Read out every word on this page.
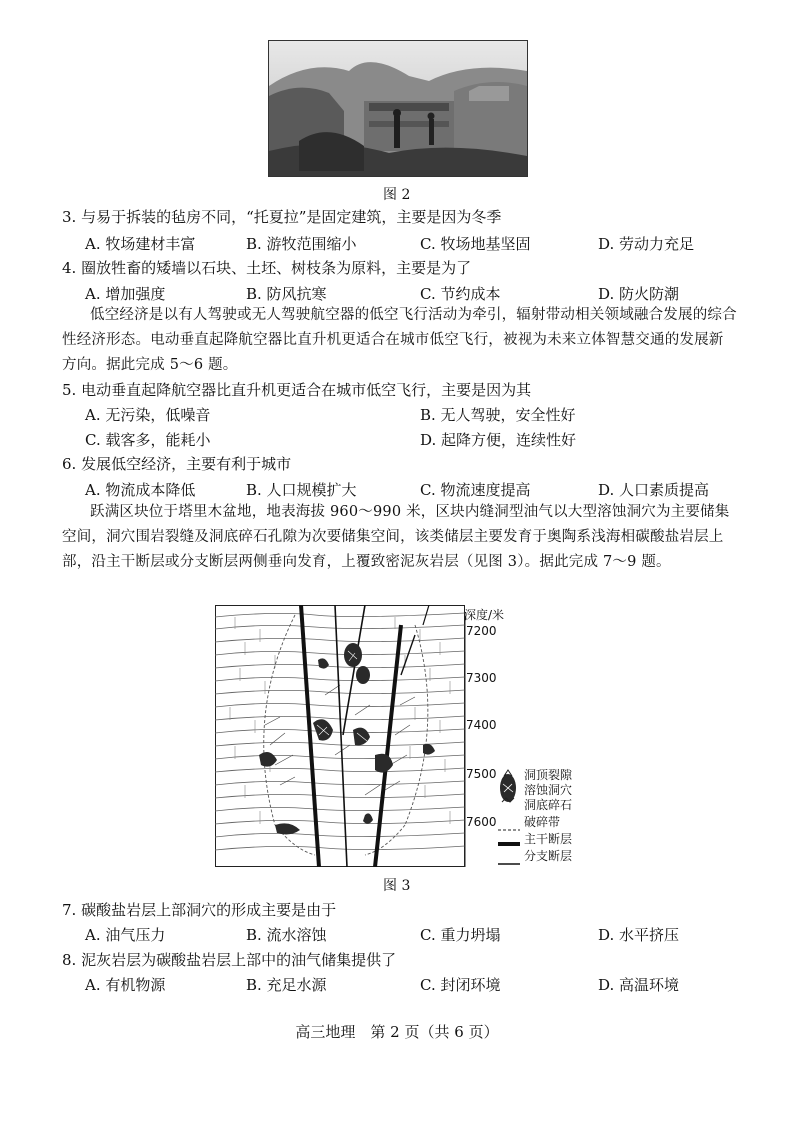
图 2
3. 与易于拆装的毡房不同，“托夏拉”是固定建筑，主要是因为冬季
A. 牧场建材丰富	B. 游牧范围缩小	C. 牧场地基坚固	D. 劳动力充足
4. 圈放牲畜的矮墙以石块、土坯、树枝条为原料，主要是为了
A. 增加强度	B. 防风抗寒	C. 节约成本	D. 防火防潮
低空经济是以有人驾驶或无人驾驶航空器的低空飞行活动为牵引，辐射带动相关领域融合发展的综合性经济形态。电动垂直起降航空器比直升机更适合在城市低空飞行，被视为未来立体智慧交通的发展新方向。据此完成 5～6 题。
5. 电动垂直起降航空器比直升机更适合在城市低空飞行，主要是因为其
A. 无污染，低噪音	B. 无人驾驶，安全性好
C. 载客多，能耗小	D. 起降方便，连续性好
6. 发展低空经济，主要有利于城市
A. 物流成本降低	B. 人口规模扩大	C. 物流速度提高	D. 人口素质提高
跃满区块位于塔里木盆地，地表海拔 960～990 米，区块内缝洞型油气以大型溶蚀洞穴为主要储集空间，洞穴围岩裂缝及洞底碎石孔隙为次要储集空间，该类储层主要发育于奥陶系浅海相碳酸盐岩层上部，沿主干断层或分支断层两侧垂向发育，上覆致密泥灰岩层（见图 3）。据此完成 7～9 题。
深度/米
7200
7300
7400
7500
7600
洞顶裂隙
溶蚀洞穴
洞底碎石
破碎带
主干断层
分支断层
图 3
7. 碳酸盐岩层上部洞穴的形成主要是由于
A. 油气压力	B. 流水溶蚀	C. 重力坍塌	D. 水平挤压
8. 泥灰岩层为碳酸盐岩层上部中的油气储集提供了
A. 有机物源	B. 充足水源	C. 封闭环境	D. 高温环境
高三地理　第 2 页（共 6 页）
